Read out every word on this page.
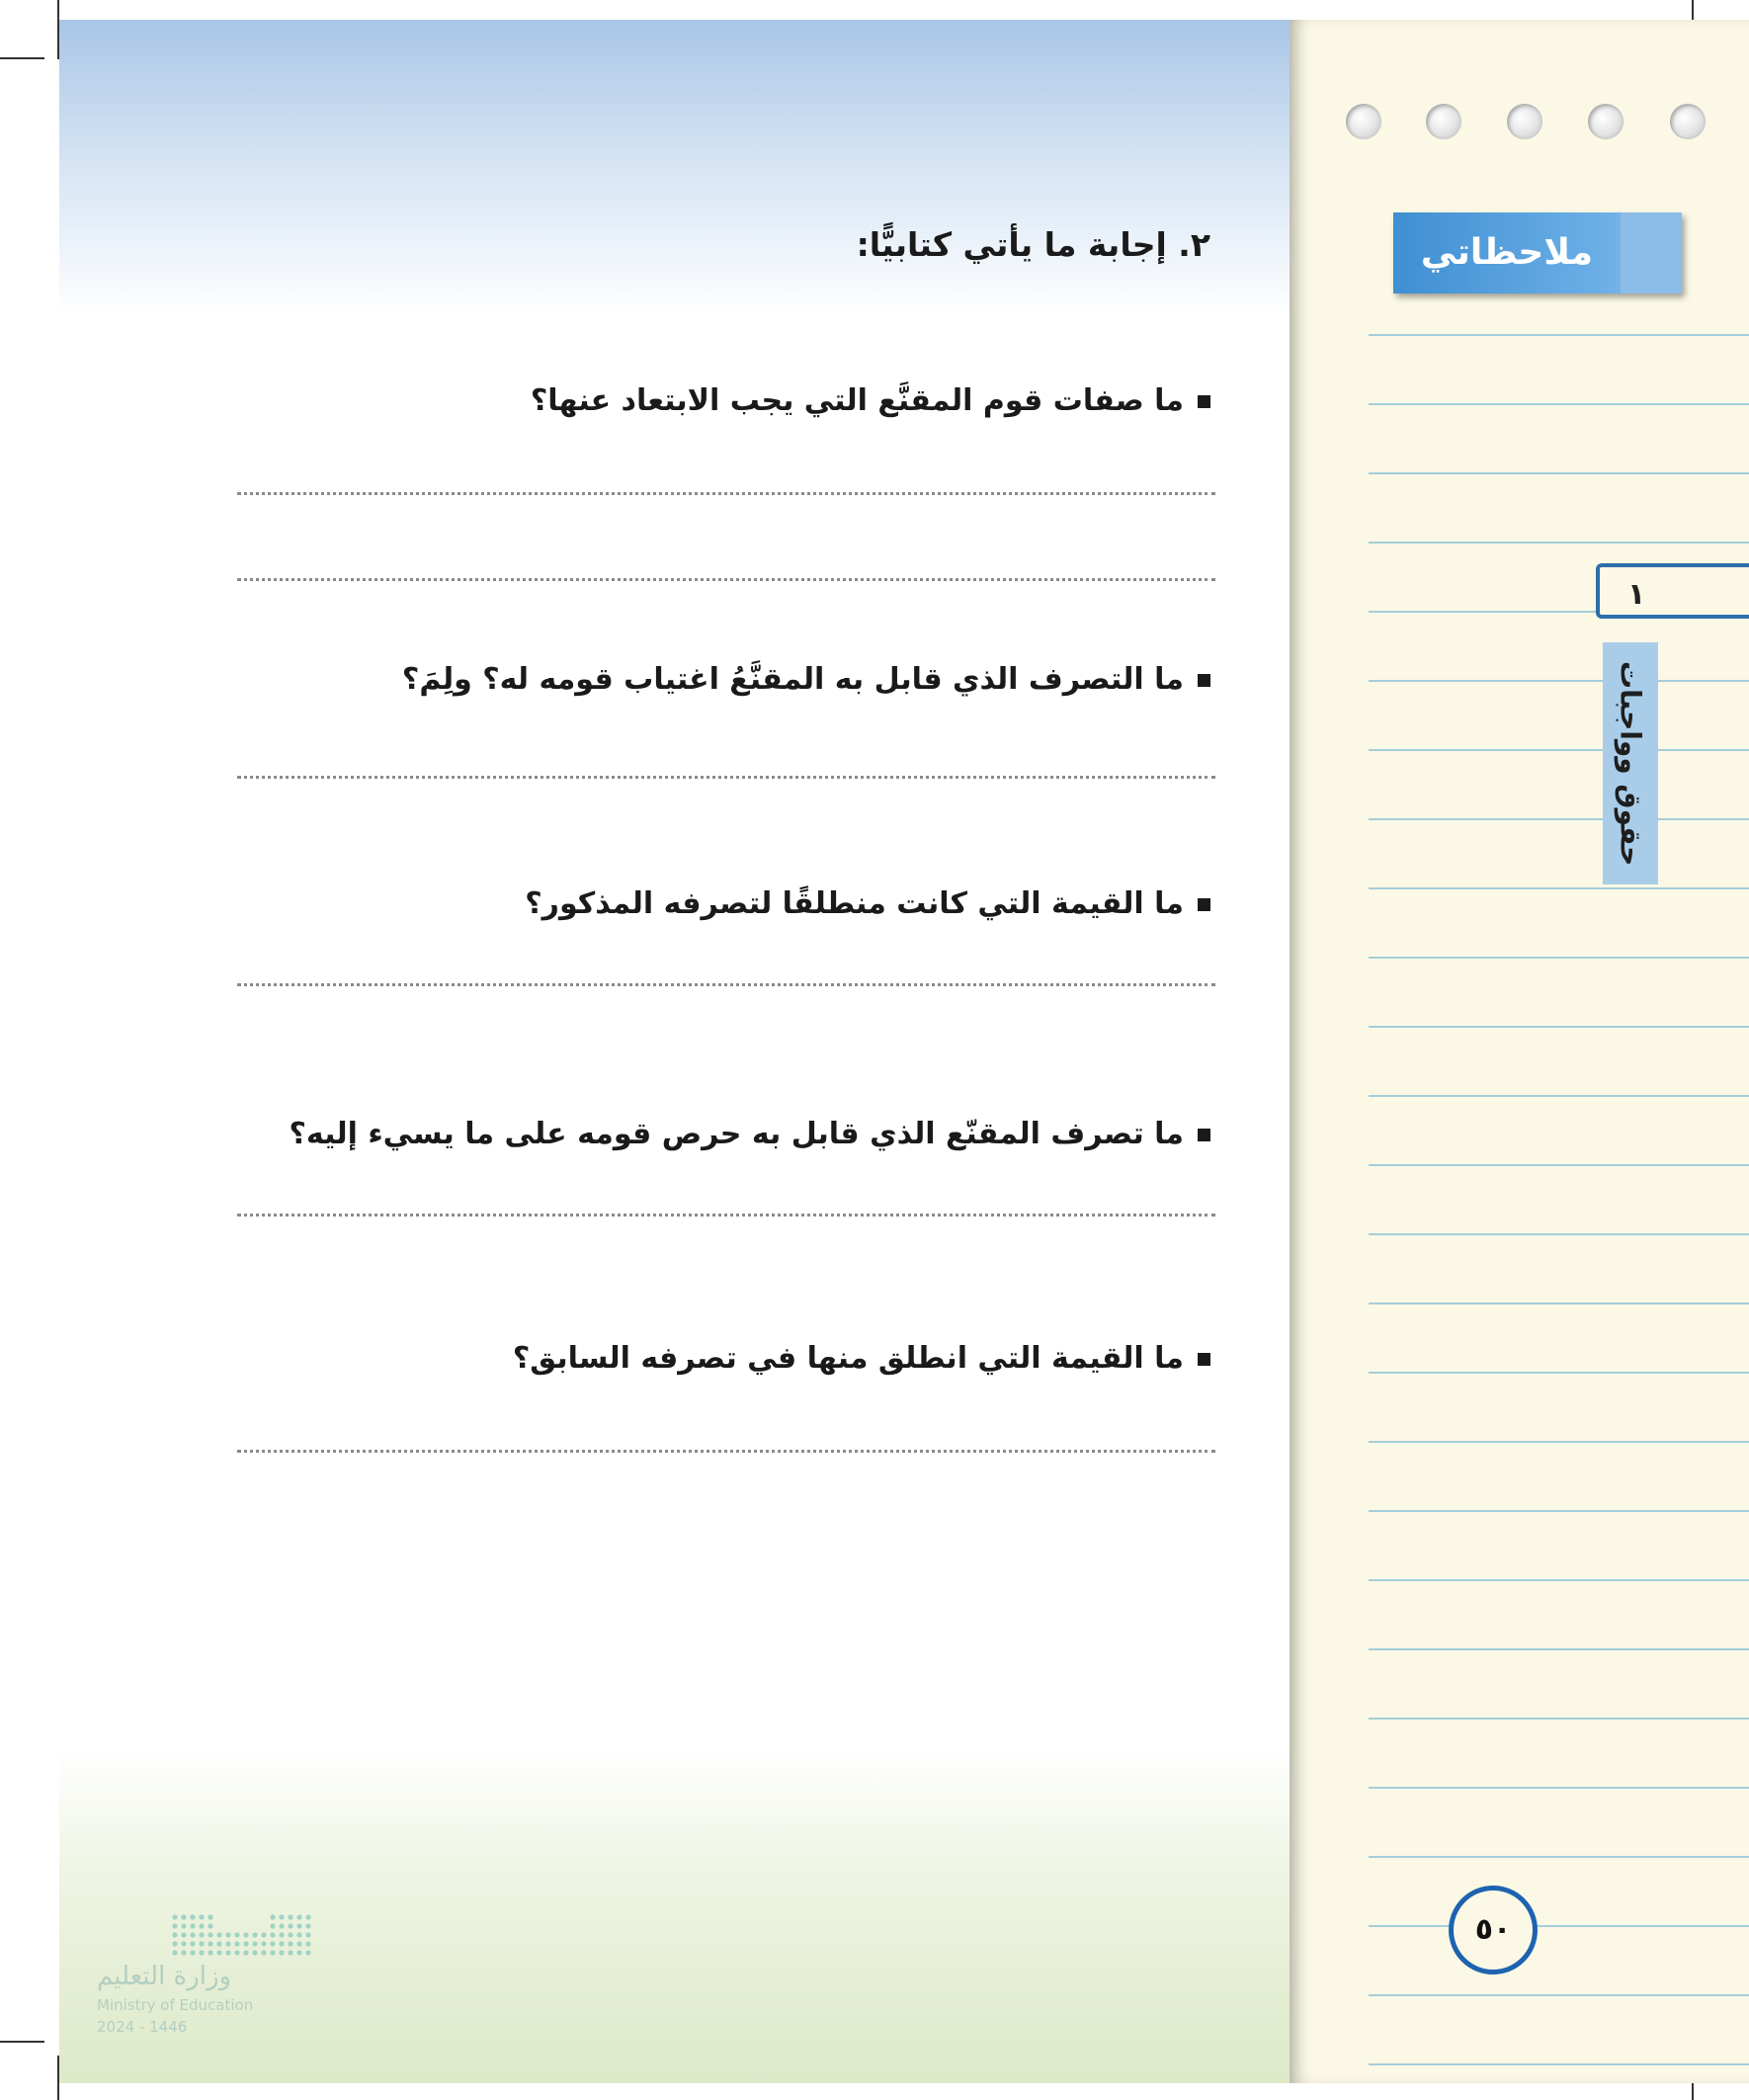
ملاحظاتي
١
حقوق وواجبات
٥٠
٢. إجابة ما يأتي كتابيًّا:
ما صفات قوم المقنَّع التي يجب الابتعاد عنها؟
ما التصرف الذي قابل به المقنَّعُ اغتياب قومه له؟ ولِمَ؟
ما القيمة التي كانت منطلقًا لتصرفه المذكور؟
ما تصرف المقنّع الذي قابل به حرص قومه على ما يسيء إليه؟
ما القيمة التي انطلق منها في تصرفه السابق؟
وزارة التعليم
Ministry of Education
2024 - 1446
